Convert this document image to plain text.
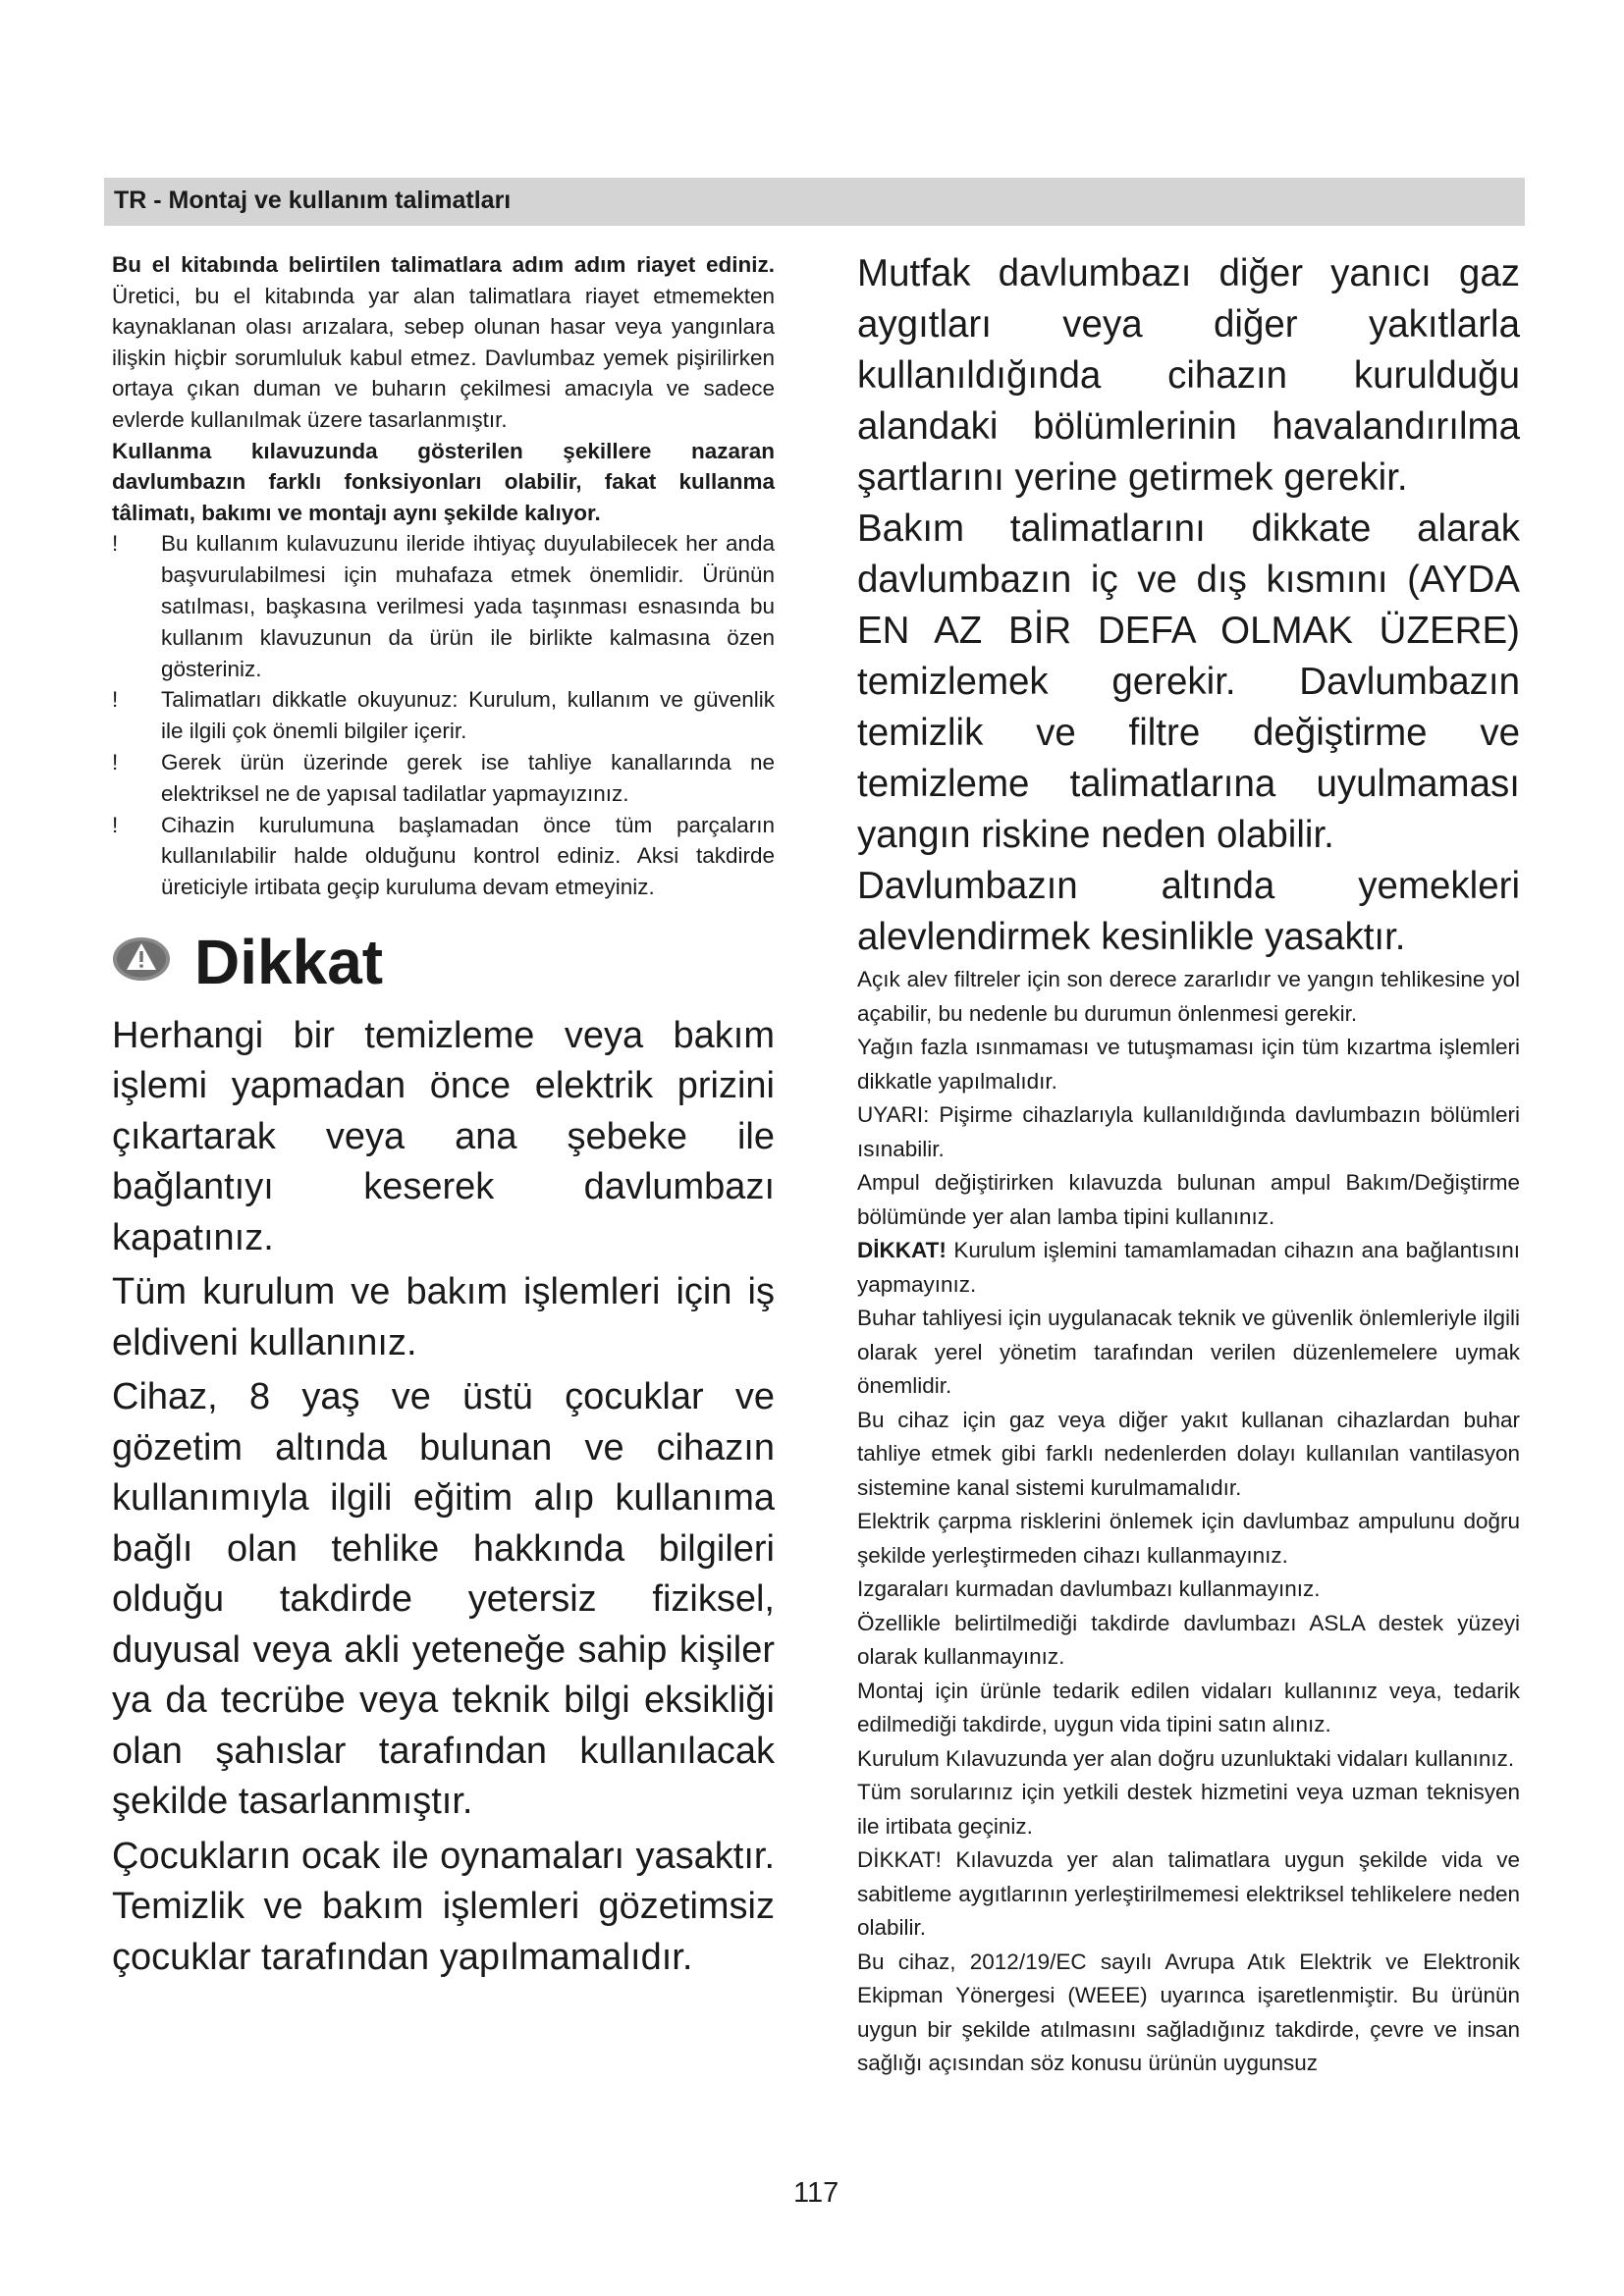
TR - Montaj ve kullanım talimatları

Bu el kitabında belirtilen talimatlara adım adım riayet ediniz. Üretici, bu el kitabında yar alan talimatlara riayet etmemekten kaynaklanan olası arızalara, sebep olunan hasar veya yangınlara ilişkin hiçbir sorumluluk kabul etmez. Davlumbaz yemek pişirilirken ortaya çıkan duman ve buharın çekilmesi amacıyla ve sadece evlerde kullanılmak üzere tasarlanmıştır.

Kullanma kılavuzunda gösterilen şekillere nazaran davlumbazın farklı fonksiyonları olabilir, fakat kullanma tâlimatı, bakımı ve montajı aynı şekilde kalıyor.

! Bu kullanım kulavuzunu ileride ihtiyaç duyulabilecek her anda başvurulabilmesi için muhafaza etmek önemlidir. Ürünün satılması, başkasına verilmesi yada taşınması esnasında bu kullanım klavuzunun da ürün ile birlikte kalmasına özen gösteriniz.

! Talimatları dikkatle okuyunuz: Kurulum, kullanım ve güvenlik ile ilgili çok önemli bilgiler içerir.

! Gerek ürün üzerinde gerek ise tahliye kanallarında ne elektriksel ne de yapısal tadilatlar yapmayızınız.

! Cihazin kurulumuna başlamadan önce tüm parçaların kullanılabilir halde olduğunu kontrol ediniz. Aksi takdirde üreticiyle irtibata geçip kuruluma devam etmeyiniz.

Dikkat

Herhangi bir temizleme veya bakım işlemi yapmadan önce elektrik prizini çıkartarak veya ana şebeke ile bağlantıyı keserek davlumbazı kapatınız.

Tüm kurulum ve bakım işlemleri için iş eldiveni kullanınız.

Cihaz, 8 yaş ve üstü çocuklar ve gözetim altında bulunan ve cihazın kullanımıyla ilgili eğitim alıp kullanıma bağlı olan tehlike hakkında bilgileri olduğu takdirde yetersiz fiziksel, duyusal veya akli yeteneğe sahip kişiler ya da tecrübe veya teknik bilgi eksikliği olan şahıslar tarafından kullanılacak şekilde tasarlanmıştır.

Çocukların ocak ile oynamaları yasaktır. Temizlik ve bakım işlemleri gözetimsiz çocuklar tarafından yapılmamalıdır.

Mutfak davlumbazı diğer yanıcı gaz aygıtları veya diğer yakıtlarla kullanıldığında cihazın kurulduğu alandaki bölümlerinin havalandırılma şartlarını yerine getirmek gerekir.

Bakım talimatlarını dikkate alarak davlumbazın iç ve dış kısmını (AYDA EN AZ BİR DEFA OLMAK ÜZERE) temizlemek gerekir. Davlumbazın temizlik ve filtre değiştirme ve temizleme talimatlarına uyulmaması yangın riskine neden olabilir.

Davlumbazın altında yemekleri alevlendirmek kesinlikle yasaktır.

Açık alev filtreler için son derece zararlıdır ve yangın tehlikesine yol açabilir, bu nedenle bu durumun önlenmesi gerekir.

Yağın fazla ısınmaması ve tutuşmaması için tüm kızartma işlemleri dikkatle yapılmalıdır.

UYARI: Pişirme cihazlarıyla kullanıldığında davlumbazın bölümleri ısınabilir.

Ampul değiştirirken kılavuzda bulunan ampul Bakım/Değiştirme bölümünde yer alan lamba tipini kullanınız.

DİKKAT! Kurulum işlemini tamamlamadan cihazın ana bağlantısını yapmayınız.

Buhar tahliyesi için uygulanacak teknik ve güvenlik önlemleriyle ilgili olarak yerel yönetim tarafından verilen düzenlemelere uymak önemlidir.

Bu cihaz için gaz veya diğer yakıt kullanan cihazlardan buhar tahliye etmek gibi farklı nedenlerden dolayı kullanılan vantilasyon sistemine kanal sistemi kurulmamalıdır.

Elektrik çarpma risklerini önlemek için davlumbaz ampulunu doğru şekilde yerleştirmeden cihazı kullanmayınız.

Izgaraları kurmadan davlumbazı kullanmayınız.

Özellikle belirtilmediği takdirde davlumbazı ASLA destek yüzeyi olarak kullanmayınız.

Montaj için ürünle tedarik edilen vidaları kullanınız veya, tedarik edilmediği takdirde, uygun vida tipini satın alınız.

Kurulum Kılavuzunda yer alan doğru uzunluktaki vidaları kullanınız.

Tüm sorularınız için yetkili destek hizmetini veya uzman teknisyen ile irtibata geçiniz.

DİKKAT! Kılavuzda yer alan talimatlara uygun şekilde vida ve sabitleme aygıtlarının yerleştirilmemesi elektriksel tehlikelere neden olabilir.

Bu cihaz, 2012/19/EC sayılı Avrupa Atık Elektrik ve Elektronik Ekipman Yönergesi (WEEE) uyarınca işaretlenmiştir. Bu ürünün uygun bir şekilde atılmasını sağladığınız takdirde, çevre ve insan sağlığı açısından söz konusu ürünün uygunsuz

117
